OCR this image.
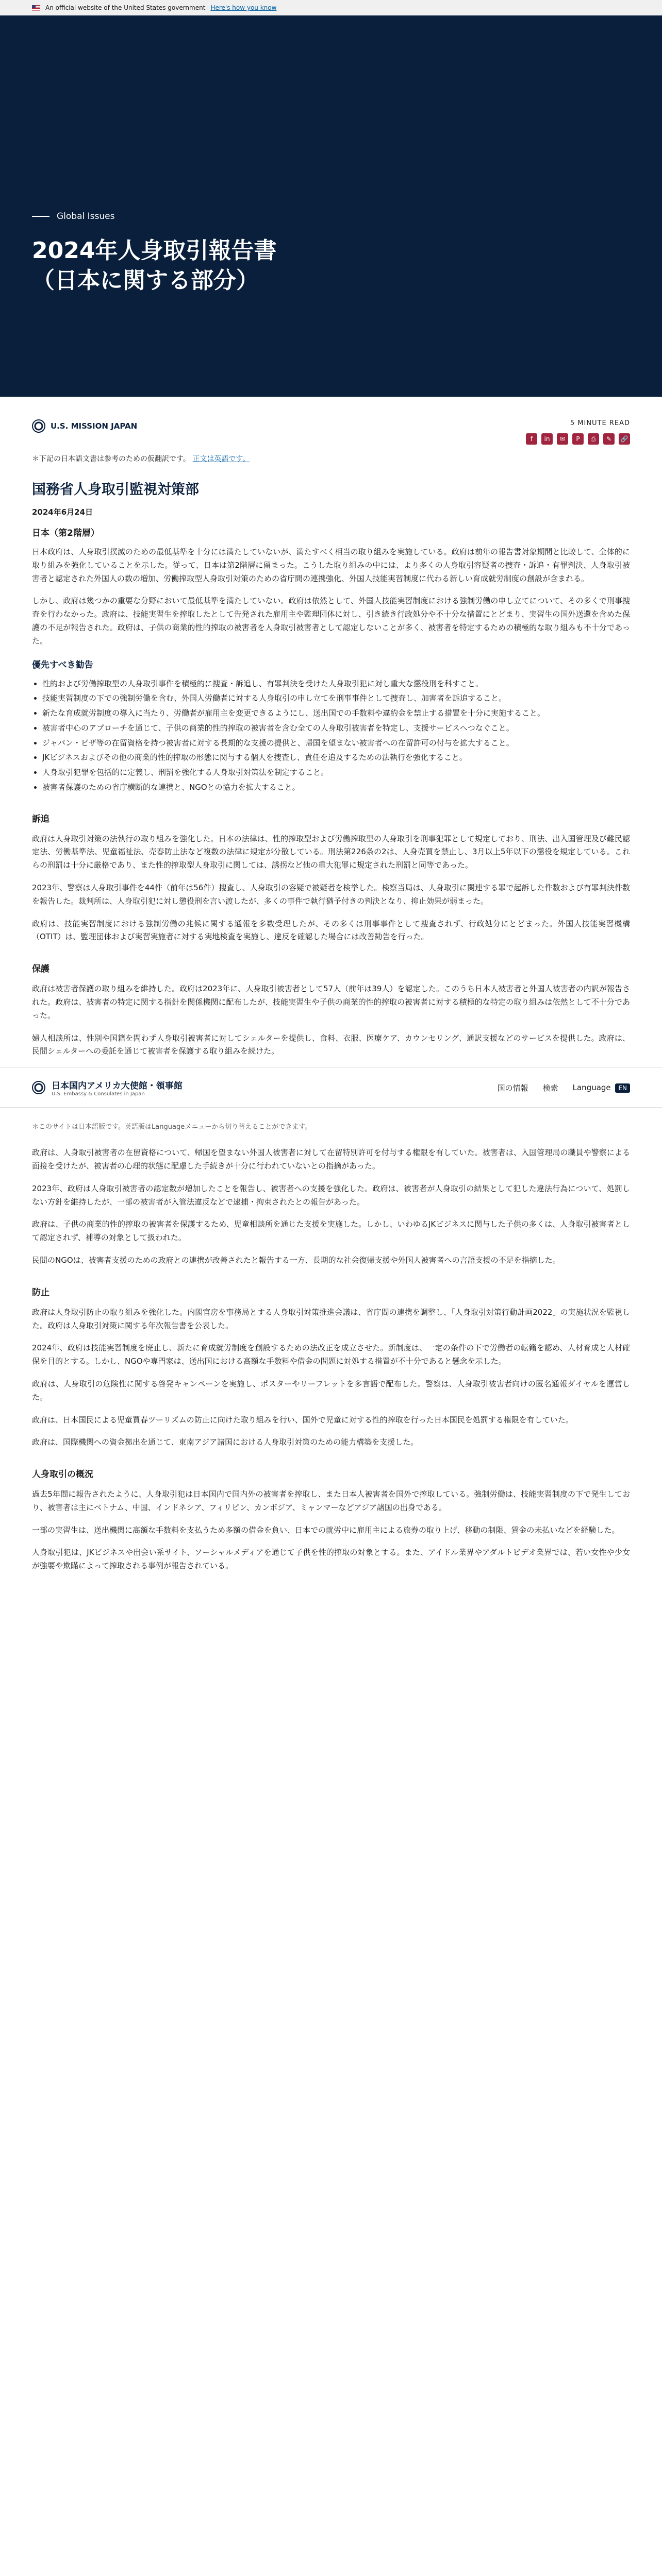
An official website of the United States government Here's how you know
Global Issues
2024年人身取引報告書（日本に関する部分）
U.S. MISSION JAPAN	5 MINUTE READ
f	in	✉	P	⎙	✎	🔗

＊下記の日本語文書は参考のための仮翻訳です。 正文は英語です。

国務省人身取引監視対策部
2024年6月24日
日本（第2階層）

日本政府は、人身取引撲滅のための最低基準を十分には満たしていないが、満たすべく相当の取り組みを実施している。政府は前年の報告書対象期間と比較して、全体的に取り組みを強化していることを示した。従って、日本は第2階層に留まった。こうした取り組みの中には、より多くの人身取引容疑者の捜査・訴追・有罪判決、人身取引被害者と認定された外国人の数の増加、労働搾取型人身取引対策のための省庁間の連携強化、外国人技能実習制度に代わる新しい育成就労制度の創設が含まれる。

しかし、政府は幾つかの重要な分野において最低基準を満たしていない。政府は依然として、外国人技能実習制度における強制労働の申し立てについて、その多くで刑事捜査を行わなかった。政府は、技能実習生を搾取したとして告発された雇用主や監理団体に対し、引き続き行政処分や不十分な措置にとどまり、実習生の国外送還を含めた保護の不足が報告された。政府は、子供の商業的性的搾取の被害者を人身取引被害者として認定しないことが多く、被害者を特定するための積極的な取り組みも不十分であった。

優先すべき勧告
• 性的および労働搾取型の人身取引事件を積極的に捜査・訴追し、有罪判決を受けた人身取引犯に対し重大な懲役刑を科すこと。
• 技能実習制度の下での強制労働を含む、外国人労働者に対する人身取引の申し立てを刑事事件として捜査し、加害者を訴追すること。
• 新たな育成就労制度の導入に当たり、労働者が雇用主を変更できるようにし、送出国での手数料や違約金を禁止する措置を十分に実施すること。
• 被害者中心のアプローチを通じて、子供の商業的性的搾取の被害者を含む全ての人身取引被害者を特定し、支援サービスへつなぐこと。
• ジャパン・ビザ等の在留資格を持つ被害者に対する長期的な支援の提供と、帰国を望まない被害者への在留許可の付与を拡大すること。
• JKビジネスおよびその他の商業的性的搾取の形態に関与する個人を捜査し、責任を追及するための法執行を強化すること。
• 人身取引犯罪を包括的に定義し、刑罰を強化する人身取引対策法を制定すること。
• 被害者保護のための省庁横断的な連携と、NGOとの協力を拡大すること。
訴追

政府は人身取引対策の法執行の取り組みを強化した。日本の法律は、性的搾取型および労働搾取型の人身取引を刑事犯罪として規定しており、刑法、出入国管理及び難民認定法、労働基準法、児童福祉法、売春防止法など複数の法律に規定が分散している。刑法第226条の2は、人身売買を禁止し、3月以上5年以下の懲役を規定している。これらの刑罰は十分に厳格であり、また性的搾取型人身取引に関しては、誘拐など他の重大犯罪に規定された刑罰と同等であった。

2023年、警察は人身取引事件を44件（前年は56件）捜査し、人身取引の容疑で被疑者を検挙した。検察当局は、人身取引に関連する罪で起訴した件数および有罪判決件数を報告した。裁判所は、人身取引犯に対し懲役刑を言い渡したが、多くの事件で執行猶予付きの判決となり、抑止効果が弱まった。

政府は、技能実習制度における強制労働の兆候に関する通報を多数受理したが、その多くは刑事事件として捜査されず、行政処分にとどまった。外国人技能実習機構（OTIT）は、監理団体および実習実施者に対する実地検査を実施し、違反を確認した場合には改善勧告を行った。

保護

政府は被害者保護の取り組みを維持した。政府は2023年に、人身取引被害者として57人（前年は39人）を認定した。このうち日本人被害者と外国人被害者の内訳が報告された。政府は、被害者の特定に関する指針を関係機関に配布したが、技能実習生や子供の商業的性的搾取の被害者に対する積極的な特定の取り組みは依然として不十分であった。

婦人相談所は、性別や国籍を問わず人身取引被害者に対してシェルターを提供し、食料、衣服、医療ケア、カウンセリング、通訳支援などのサービスを提供した。政府は、民間シェルターへの委託を通じて被害者を保護する取り組みを続けた。

日本国内アメリカ大使館・領事館
U.S. Embassy & Consulates in Japan
国の情報 検索 Language EN

＊このサイトは日本語版です。英語版はLanguageメニューから切り替えることができます。

政府は、人身取引被害者の在留資格について、帰国を望まない外国人被害者に対して在留特別許可を付与する権限を有していた。被害者は、入国管理局の職員や警察による面接を受けたが、被害者の心理的状態に配慮した手続きが十分に行われていないとの指摘があった。

2023年、政府は人身取引被害者の認定数が増加したことを報告し、被害者への支援を強化した。政府は、被害者が人身取引の結果として犯した違法行為について、処罰しない方針を維持したが、一部の被害者が入管法違反などで逮捕・拘束されたとの報告があった。

政府は、子供の商業的性的搾取の被害者を保護するため、児童相談所を通じた支援を実施した。しかし、いわゆるJKビジネスに関与した子供の多くは、人身取引被害者として認定されず、補導の対象として扱われた。

民間のNGOは、被害者支援のための政府との連携が改善されたと報告する一方、長期的な社会復帰支援や外国人被害者への言語支援の不足を指摘した。

防止

政府は人身取引防止の取り組みを強化した。内閣官房を事務局とする人身取引対策推進会議は、省庁間の連携を調整し、「人身取引対策行動計画2022」の実施状況を監視した。政府は人身取引対策に関する年次報告書を公表した。

2024年、政府は技能実習制度を廃止し、新たに育成就労制度を創設するための法改正を成立させた。新制度は、一定の条件の下で労働者の転籍を認め、人材育成と人材確保を目的とする。しかし、NGOや専門家は、送出国における高額な手数料や借金の問題に対処する措置が不十分であると懸念を示した。

政府は、人身取引の危険性に関する啓発キャンペーンを実施し、ポスターやリーフレットを多言語で配布した。警察は、人身取引被害者向けの匿名通報ダイヤルを運営した。

政府は、日本国民による児童買春ツーリズムの防止に向けた取り組みを行い、国外で児童に対する性的搾取を行った日本国民を処罰する権限を有していた。

政府は、国際機関への資金拠出を通じて、東南アジア諸国における人身取引対策のための能力構築を支援した。

人身取引の概況

過去5年間に報告されたように、人身取引犯は日本国内で国内外の被害者を搾取し、また日本人被害者を国外で搾取している。強制労働は、技能実習制度の下で発生しており、被害者は主にベトナム、中国、インドネシア、フィリピン、カンボジア、ミャンマーなどアジア諸国の出身である。

一部の実習生は、送出機関に高額な手数料を支払うため多額の借金を負い、日本での就労中に雇用主による旅券の取り上げ、移動の制限、賃金の未払いなどを経験した。

人身取引犯は、JKビジネスや出会い系サイト、ソーシャルメディアを通じて子供を性的搾取の対象とする。また、アイドル業界やアダルトビデオ業界では、若い女性や少女が強要や欺瞞によって搾取される事例が報告されている。
